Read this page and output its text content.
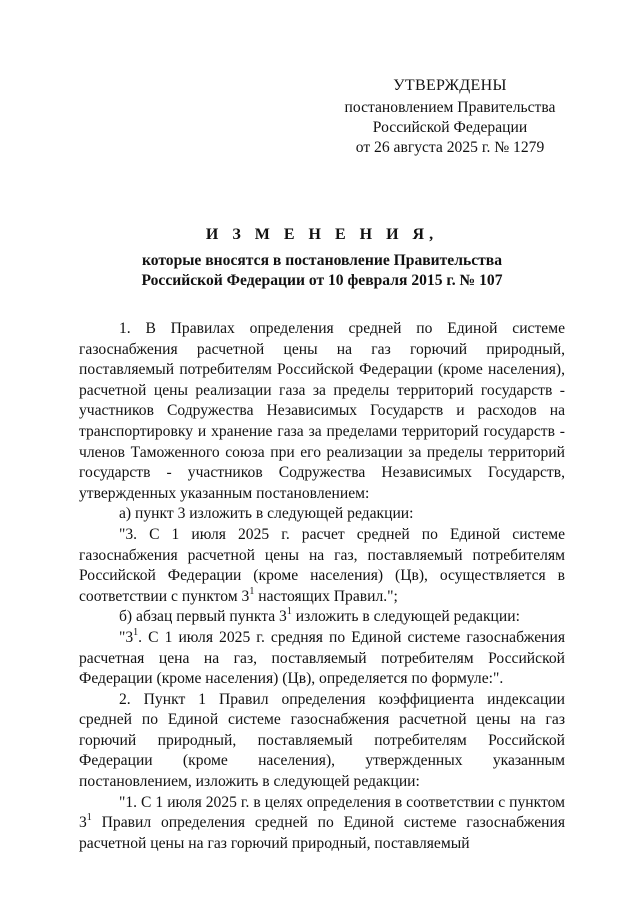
УТВЕРЖДЕНЫ
постановлением Правительства
Российской Федерации
от 26 августа 2025 г. № 1279
И З М Е Н Е Н И Я,
которые вносятся в постановление Правительства
Российской Федерации от 10 февраля 2015 г. № 107

1. В Правилах определения средней по Единой системе газоснабжения расчетной цены на газ горючий природный, поставляемый потребителям Российской Федерации (кроме населения), расчетной цены реализации газа за пределы территорий государств - участников Содружества Независимых Государств и расходов на транспортировку и хранение газа за пределами территорий государств - членов Таможенного союза при его реализации за пределы территорий государств - участников Содружества Независимых Государств, утвержденных указанным постановлением:

а) пункт 3 изложить в следующей редакции:

"3. С 1 июля 2025 г. расчет средней по Единой системе газоснабжения расчетной цены на газ, поставляемый потребителям Российской Федерации (кроме населения) (Цв), осуществляется в соответствии с пунктом $3^1$ настоящих Правил.";

б) абзац первый пункта $3^1$ изложить в следующей редакции:

"$3^1$. С 1 июля 2025 г. средняя по Единой системе газоснабжения расчетная цена на газ, поставляемый потребителям Российской Федерации (кроме населения) (Цв), определяется по формуле:".

2. Пункт 1 Правил определения коэффициента индексации средней по Единой системе газоснабжения расчетной цены на газ горючий природный, поставляемый потребителям Российской Федерации (кроме населения), утвержденных указанным постановлением, изложить в следующей редакции:

"1. С 1 июля 2025 г. в целях определения в соответствии с пунктом $3^1$ Правил определения средней по Единой системе газоснабжения расчетной цены на газ горючий природный, поставляемый
